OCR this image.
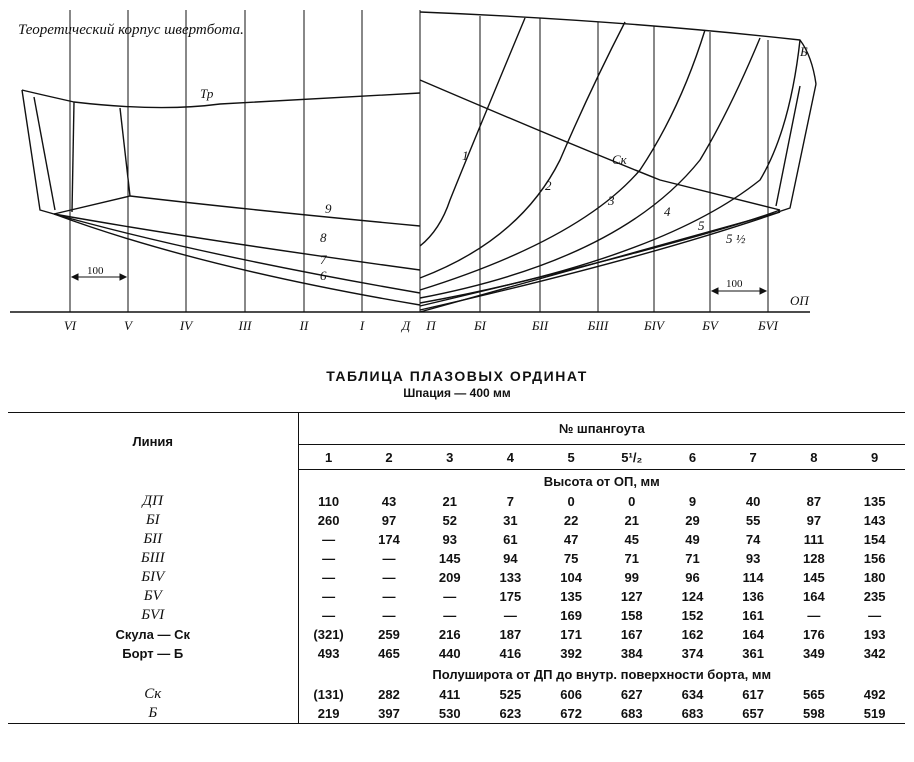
Тр
9
8
7
6
100
1
2
3
4
5
5 ½
Ск
Б
100
ОП
VI	V	IV	III	II	I	Д П	БI	БII	БIII	БIV	БV	БVI
Теоретический корпус швертбота.
ТАБЛИЦА ПЛАЗОВЫХ ОРДИНАТ
Шпация — 400 мм
Линия	№ шпангоута									
	1	2	3	4	5	5¹/₂	6	7	8	9
	Высота от ОП, мм									
ДП	110	43	21	7	0	0	9	40	87	135
БI	260	97	52	31	22	21	29	55	97	143
БII	—	174	93	61	47	45	49	74	111	154
БIII	—	—	145	94	75	71	71	93	128	156
БIV	—	—	209	133	104	99	96	114	145	180
БV	—	—	—	175	135	127	124	136	164	235
БVI	—	—	—	—	169	158	152	161	—	—
Скула — Ск	(321)	259	216	187	171	167	162	164	176	193
Борт — Б	493	465	440	416	392	384	374	361	349	342
	Полуширота от ДП до внутр. поверхности борта, мм									
Ск	(131)	282	411	525	606	627	634	617	565	492
Б	219	397	530	623	672	683	683	657	598	519
